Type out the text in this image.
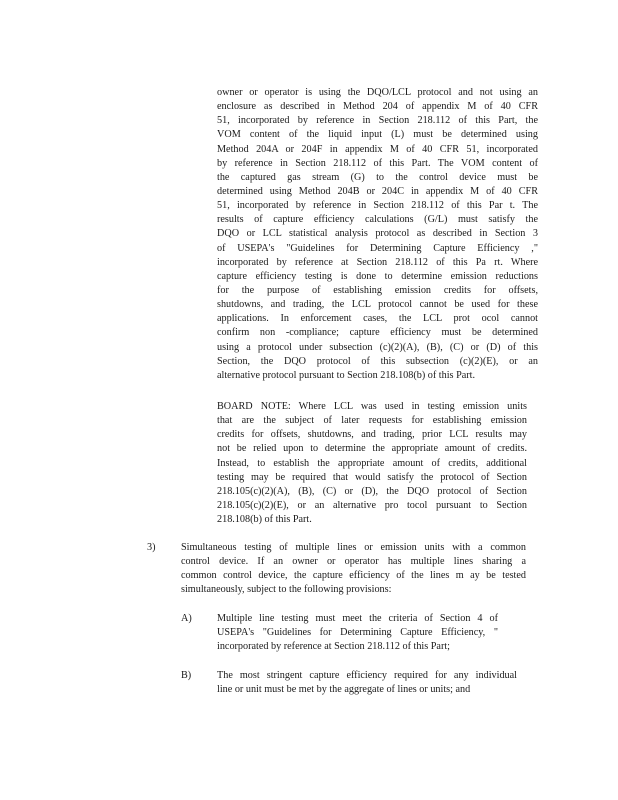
owner or operator is using the DQO/LCL protocol and not using an
enclosure as described in Method 204 of appendix M of 40 CFR
51, incorporated by reference in Section 218.112 of this Part, the
VOM content of the liquid input (L) must be determined using
Method 204A or 204F in appendix M of 40 CFR 51, incorporated
by reference in Section 218.112 of this Part. The VOM content of
the captured gas stream (G) to the control device must be
determined using Method 204B or 204C in appendix M of 40 CFR
51, incorporated by reference in Section 218.112 of this Par t. The
results of capture efficiency calculations (G/L) must satisfy the
DQO or LCL statistical analysis protocol as described in Section 3
of USEPA's "Guidelines for Determining Capture Efficiency ,"
incorporated by reference at Section 218.112 of this Pa rt. Where
capture efficiency testing is done to determine emission reductions
for the purpose of establishing emission credits for offsets,
shutdowns, and trading, the LCL protocol cannot be used for these
applications. In enforcement cases, the LCL prot ocol cannot
confirm non -compliance; capture efficiency must be determined
using a protocol under subsection (c)(2)(A), (B), (C) or (D) of this
Section, the DQO protocol of this subsection (c)(2)(E), or an
alternative protocol pursuant to Section 218.108(b) of this Part.
BOARD NOTE: Where LCL was used in testing emission units
that are the subject of later requests for establishing emission
credits for offsets, shutdowns, and trading, prior LCL results may
not be relied upon to determine the appropriate amount of credits.
Instead, to establish the appropriate amount of credits, additional
testing may be required that would satisfy the protocol of Section
218.105(c)(2)(A), (B), (C) or (D), the DQO protocol of Section
218.105(c)(2)(E), or an alternative pro tocol pursuant to Section
218.108(b) of this Part.
3)	Simultaneous testing of multiple lines or emission units with a common
control device. If an owner or operator has multiple lines sharing a
common control device, the capture efficiency of the lines m ay be tested
simultaneously, subject to the following provisions:
A) Multiple line testing must meet the criteria of Section 4 of
USEPA's "Guidelines for Determining Capture Efficiency, "
incorporated by reference at Section 218.112 of this Part;
B)	The most stringent capture efficiency required for any individual
line or unit must be met by the aggregate of lines or units; and
